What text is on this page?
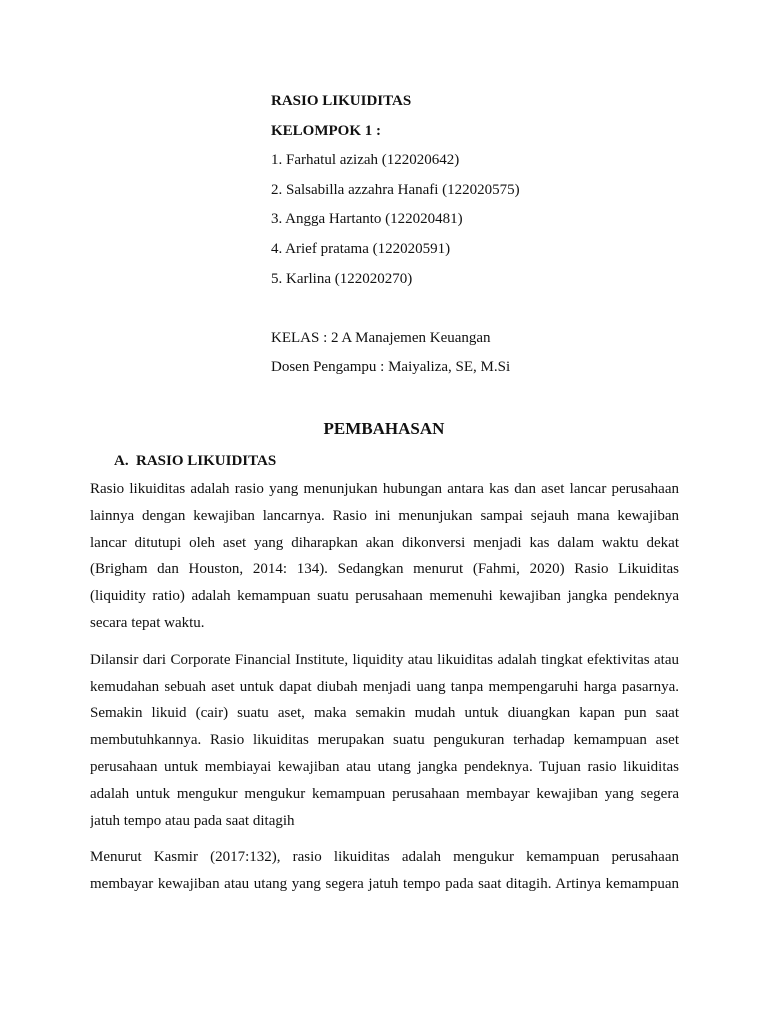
RASIO LIKUIDITAS
KELOMPOK 1 :
1. Farhatul azizah (122020642)
2. Salsabilla azzahra Hanafi (122020575)
3. Angga Hartanto (122020481)
4. Arief pratama (122020591)
5. Karlina (122020270)
KELAS : 2 A Manajemen Keuangan
Dosen Pengampu : Maiyaliza, SE, M.Si
PEMBAHASAN
A. RASIO LIKUIDITAS
Rasio likuiditas adalah rasio yang menunjukan hubungan antara kas dan aset lancar perusahaan
lainnya dengan kewajiban lancarnya. Rasio ini menunjukan sampai sejauh mana kewajiban
lancar ditutupi oleh aset yang diharapkan akan dikonversi menjadi kas dalam waktu dekat
(Brigham dan Houston, 2014: 134). Sedangkan menurut (Fahmi, 2020) Rasio Likuiditas
(liquidity ratio) adalah kemampuan suatu perusahaan memenuhi kewajiban jangka pendeknya
secara tepat waktu.
Dilansir dari Corporate Financial Institute, liquidity atau likuiditas adalah tingkat efektivitas atau
kemudahan sebuah aset untuk dapat diubah menjadi uang tanpa mempengaruhi harga pasarnya.
Semakin likuid (cair) suatu aset, maka semakin mudah untuk diuangkan kapan pun saat
membutuhkannya. Rasio likuiditas merupakan suatu pengukuran terhadap kemampuan aset
perusahaan untuk membiayai kewajiban atau utang jangka pendeknya. Tujuan rasio likuiditas
adalah untuk mengukur mengukur kemampuan perusahaan membayar kewajiban yang segera
jatuh tempo atau pada saat ditagih
Menurut Kasmir (2017:132), rasio likuiditas adalah mengukur kemampuan perusahaan
membayar kewajiban atau utang yang segera jatuh tempo pada saat ditagih. Artinya kemampuan
